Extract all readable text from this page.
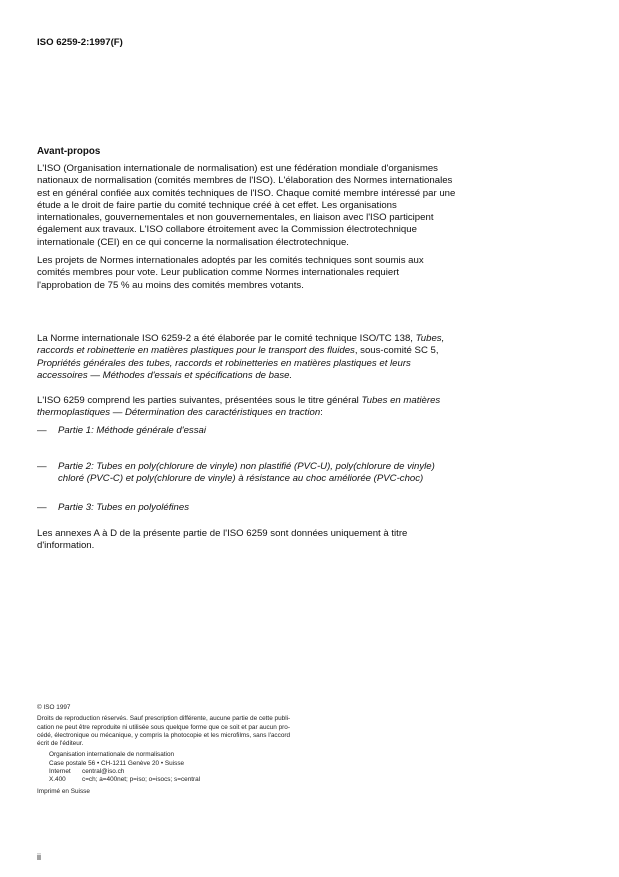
ISO 6259-2:1997(F)
Avant-propos
L'ISO (Organisation internationale de normalisation) est une fédération mondiale d'organismes
nationaux de normalisation (comités membres de l'ISO). L'élaboration des Normes internationales
est en général confiée aux comités techniques de l'ISO. Chaque comité membre intéressé par une
étude a le droit de faire partie du comité technique créé à cet effet. Les organisations
internationales, gouvernementales et non gouvernementales, en liaison avec l'ISO participent
également aux travaux. L'ISO collabore étroitement avec la Commission électrotechnique
internationale (CEI) en ce qui concerne la normalisation électrotechnique.
Les projets de Normes internationales adoptés par les comités techniques sont soumis aux
comités membres pour vote. Leur publication comme Normes internationales requiert
l'approbation de 75 % au moins des comités membres votants.
La Norme internationale ISO 6259-2 a été élaborée par le comité technique ISO/TC 138, Tubes,
raccords et robinetterie en matières plastiques pour le transport des fluides, sous-comité SC 5,
Propriétés générales des tubes, raccords et robinetteries en matières plastiques et leurs
accessoires — Méthodes d'essais et spécifications de base.
L'ISO 6259 comprend les parties suivantes, présentées sous le titre général Tubes en matières
thermoplastiques — Détermination des caractéristiques en traction:
— Partie 1: Méthode générale d'essai
— Partie 2: Tubes en poly(chlorure de vinyle) non plastifié (PVC-U), poly(chlorure de vinyle)
chloré (PVC-C) et poly(chlorure de vinyle) à résistance au choc améliorée (PVC-choc)
— Partie 3: Tubes en polyoléfines
Les annexes A à D de la présente partie de l'ISO 6259 sont données uniquement à titre
d'information.
© ISO 1997
Droits de reproduction réservés. Sauf prescription différente, aucune partie de cette publi-
cation ne peut être reproduite ni utilisée sous quelque forme que ce soit et par aucun pro-
cédé, électronique ou mécanique, y compris la photocopie et les microfilms, sans l'accord
écrit de l'éditeur.
Organisation internationale de normalisation
Case postale 56 • CH-1211 Genève 20 • Suisse
Internet central@iso.ch
X.400	c=ch; a=400net; p=iso; o=isocs; s=central
Imprimé en Suisse
ii
